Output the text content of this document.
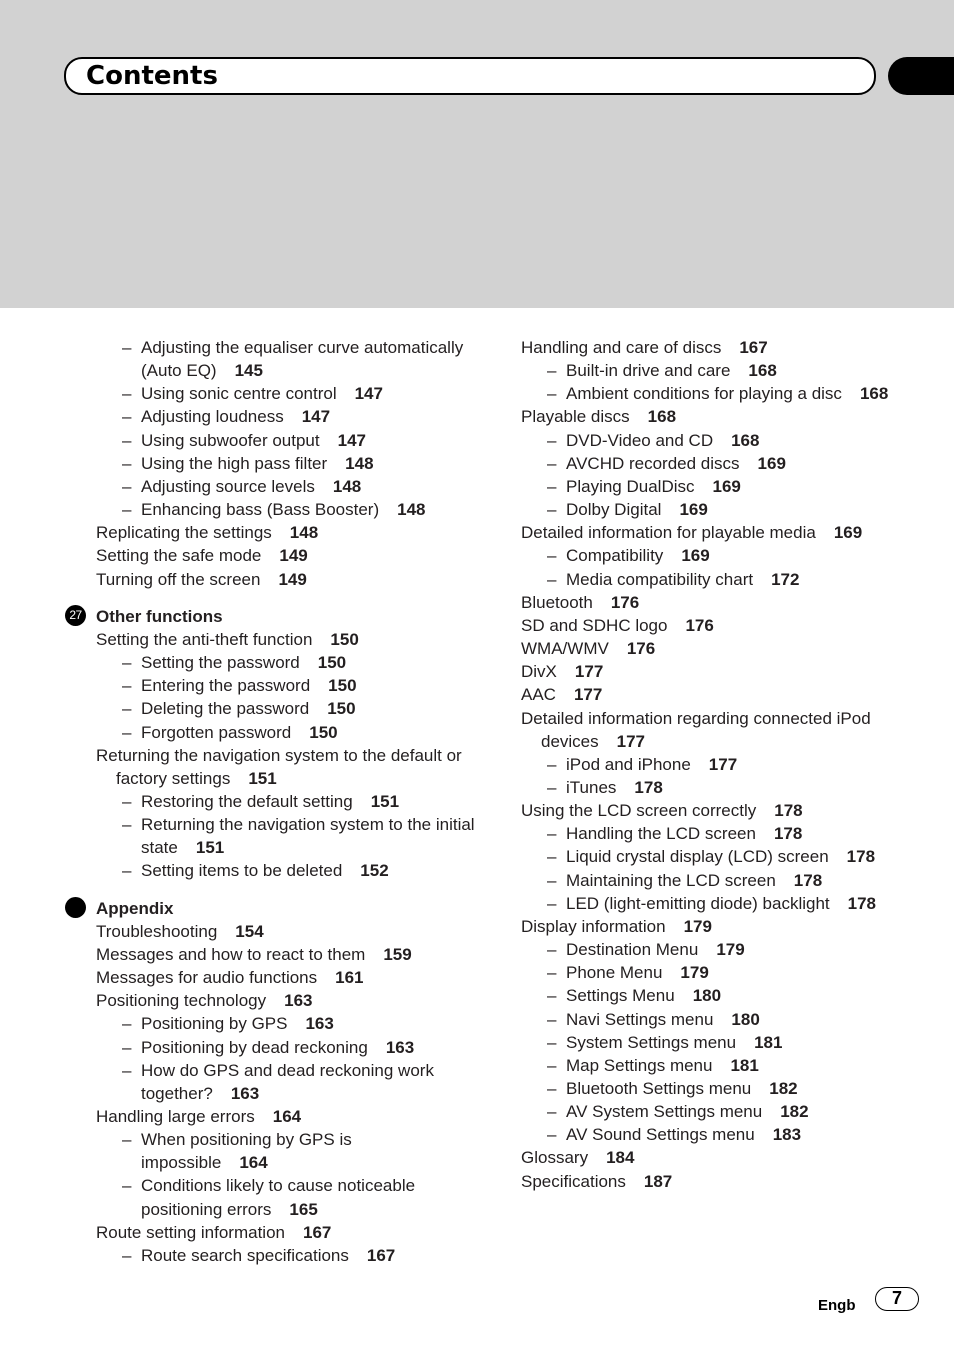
Contents
– Adjusting the equaliser curve automatically (Auto EQ) 145
– Using sonic centre control 147
– Adjusting loudness 147
– Using subwoofer output 147
– Using the high pass filter 148
– Adjusting source levels 148
– Enhancing bass (Bass Booster) 148
Replicating the settings 148
Setting the safe mode 149
Turning off the screen 149
27 Other functions
Setting the anti-theft function 150
– Setting the password 150
– Entering the password 150
– Deleting the password 150
– Forgotten password 150
Returning the navigation system to the default or factory settings 151
– Restoring the default setting 151
– Returning the navigation system to the initial state 151
– Setting items to be deleted 152
Appendix
Troubleshooting 154
Messages and how to react to them 159
Messages for audio functions 161
Positioning technology 163
– Positioning by GPS 163
– Positioning by dead reckoning 163
– How do GPS and dead reckoning work together? 163
Handling large errors 164
– When positioning by GPS is impossible 164
– Conditions likely to cause noticeable positioning errors 165
Route setting information 167
– Route search specifications 167
Handling and care of discs 167
– Built-in drive and care 168
– Ambient conditions for playing a disc 168
Playable discs 168
– DVD-Video and CD 168
– AVCHD recorded discs 169
– Playing DualDisc 169
– Dolby Digital 169
Detailed information for playable media 169
– Compatibility 169
– Media compatibility chart 172
Bluetooth 176
SD and SDHC logo 176
WMA/WMV 176
DivX 177
AAC 177
Detailed information regarding connected iPod devices 177
– iPod and iPhone 177
– iTunes 178
Using the LCD screen correctly 178
– Handling the LCD screen 178
– Liquid crystal display (LCD) screen 178
– Maintaining the LCD screen 178
– LED (light-emitting diode) backlight 178
Display information 179
– Destination Menu 179
– Phone Menu 179
– Settings Menu 180
– Navi Settings menu 180
– System Settings menu 181
– Map Settings menu 181
– Bluetooth Settings menu 182
– AV System Settings menu 182
– AV Sound Settings menu 183
Glossary 184
Specifications 187
Engb	7
